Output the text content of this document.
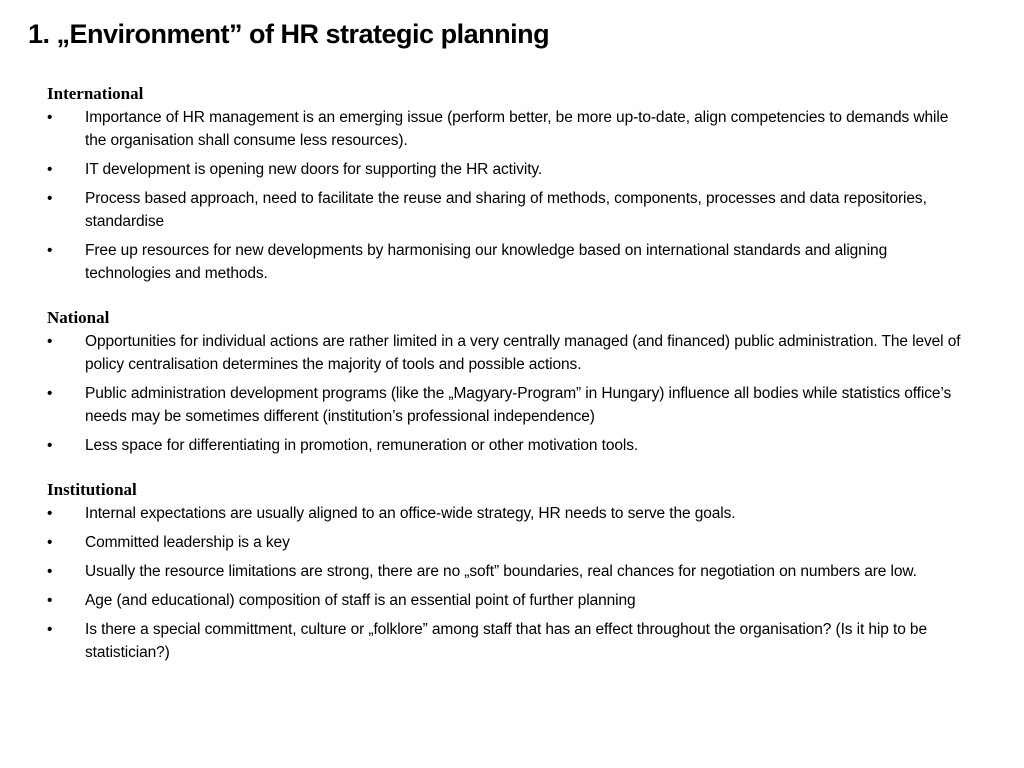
1. „Environment” of HR strategic planning
International
•	Importance of HR management is an emerging issue (perform better, be more up-to-date, align competencies to demands while the organisation shall consume less resources).
•	IT development is opening new doors for supporting the HR activity.
•	Process based approach, need to facilitate the reuse and sharing of methods, components, processes and data repositories, standardise
•	Free up resources for new developments by harmonising our knowledge based on international standards and aligning technologies and methods.
National
•	Opportunities for individual actions are rather limited in a very centrally managed (and financed) public administration. The level of policy centralisation determines the majority of tools and possible actions.
•	Public administration development programs (like the „Magyary-Program” in Hungary) influence all bodies while statistics office’s needs may be sometimes different (institution’s professional independence)
•	Less space for differentiating in promotion, remuneration or other motivation tools.
Institutional
•	Internal expectations are usually aligned to an office-wide strategy, HR needs to serve the goals.
•	Committed leadership is a key
•	Usually the resource limitations are strong, there are no „soft” boundaries, real chances for negotiation on numbers are low.
•	Age (and educational) composition of staff is an essential point of further planning
•	Is there a special committment, culture or „folklore” among staff that has an effect throughout the organisation? (Is it hip to be statistician?)
